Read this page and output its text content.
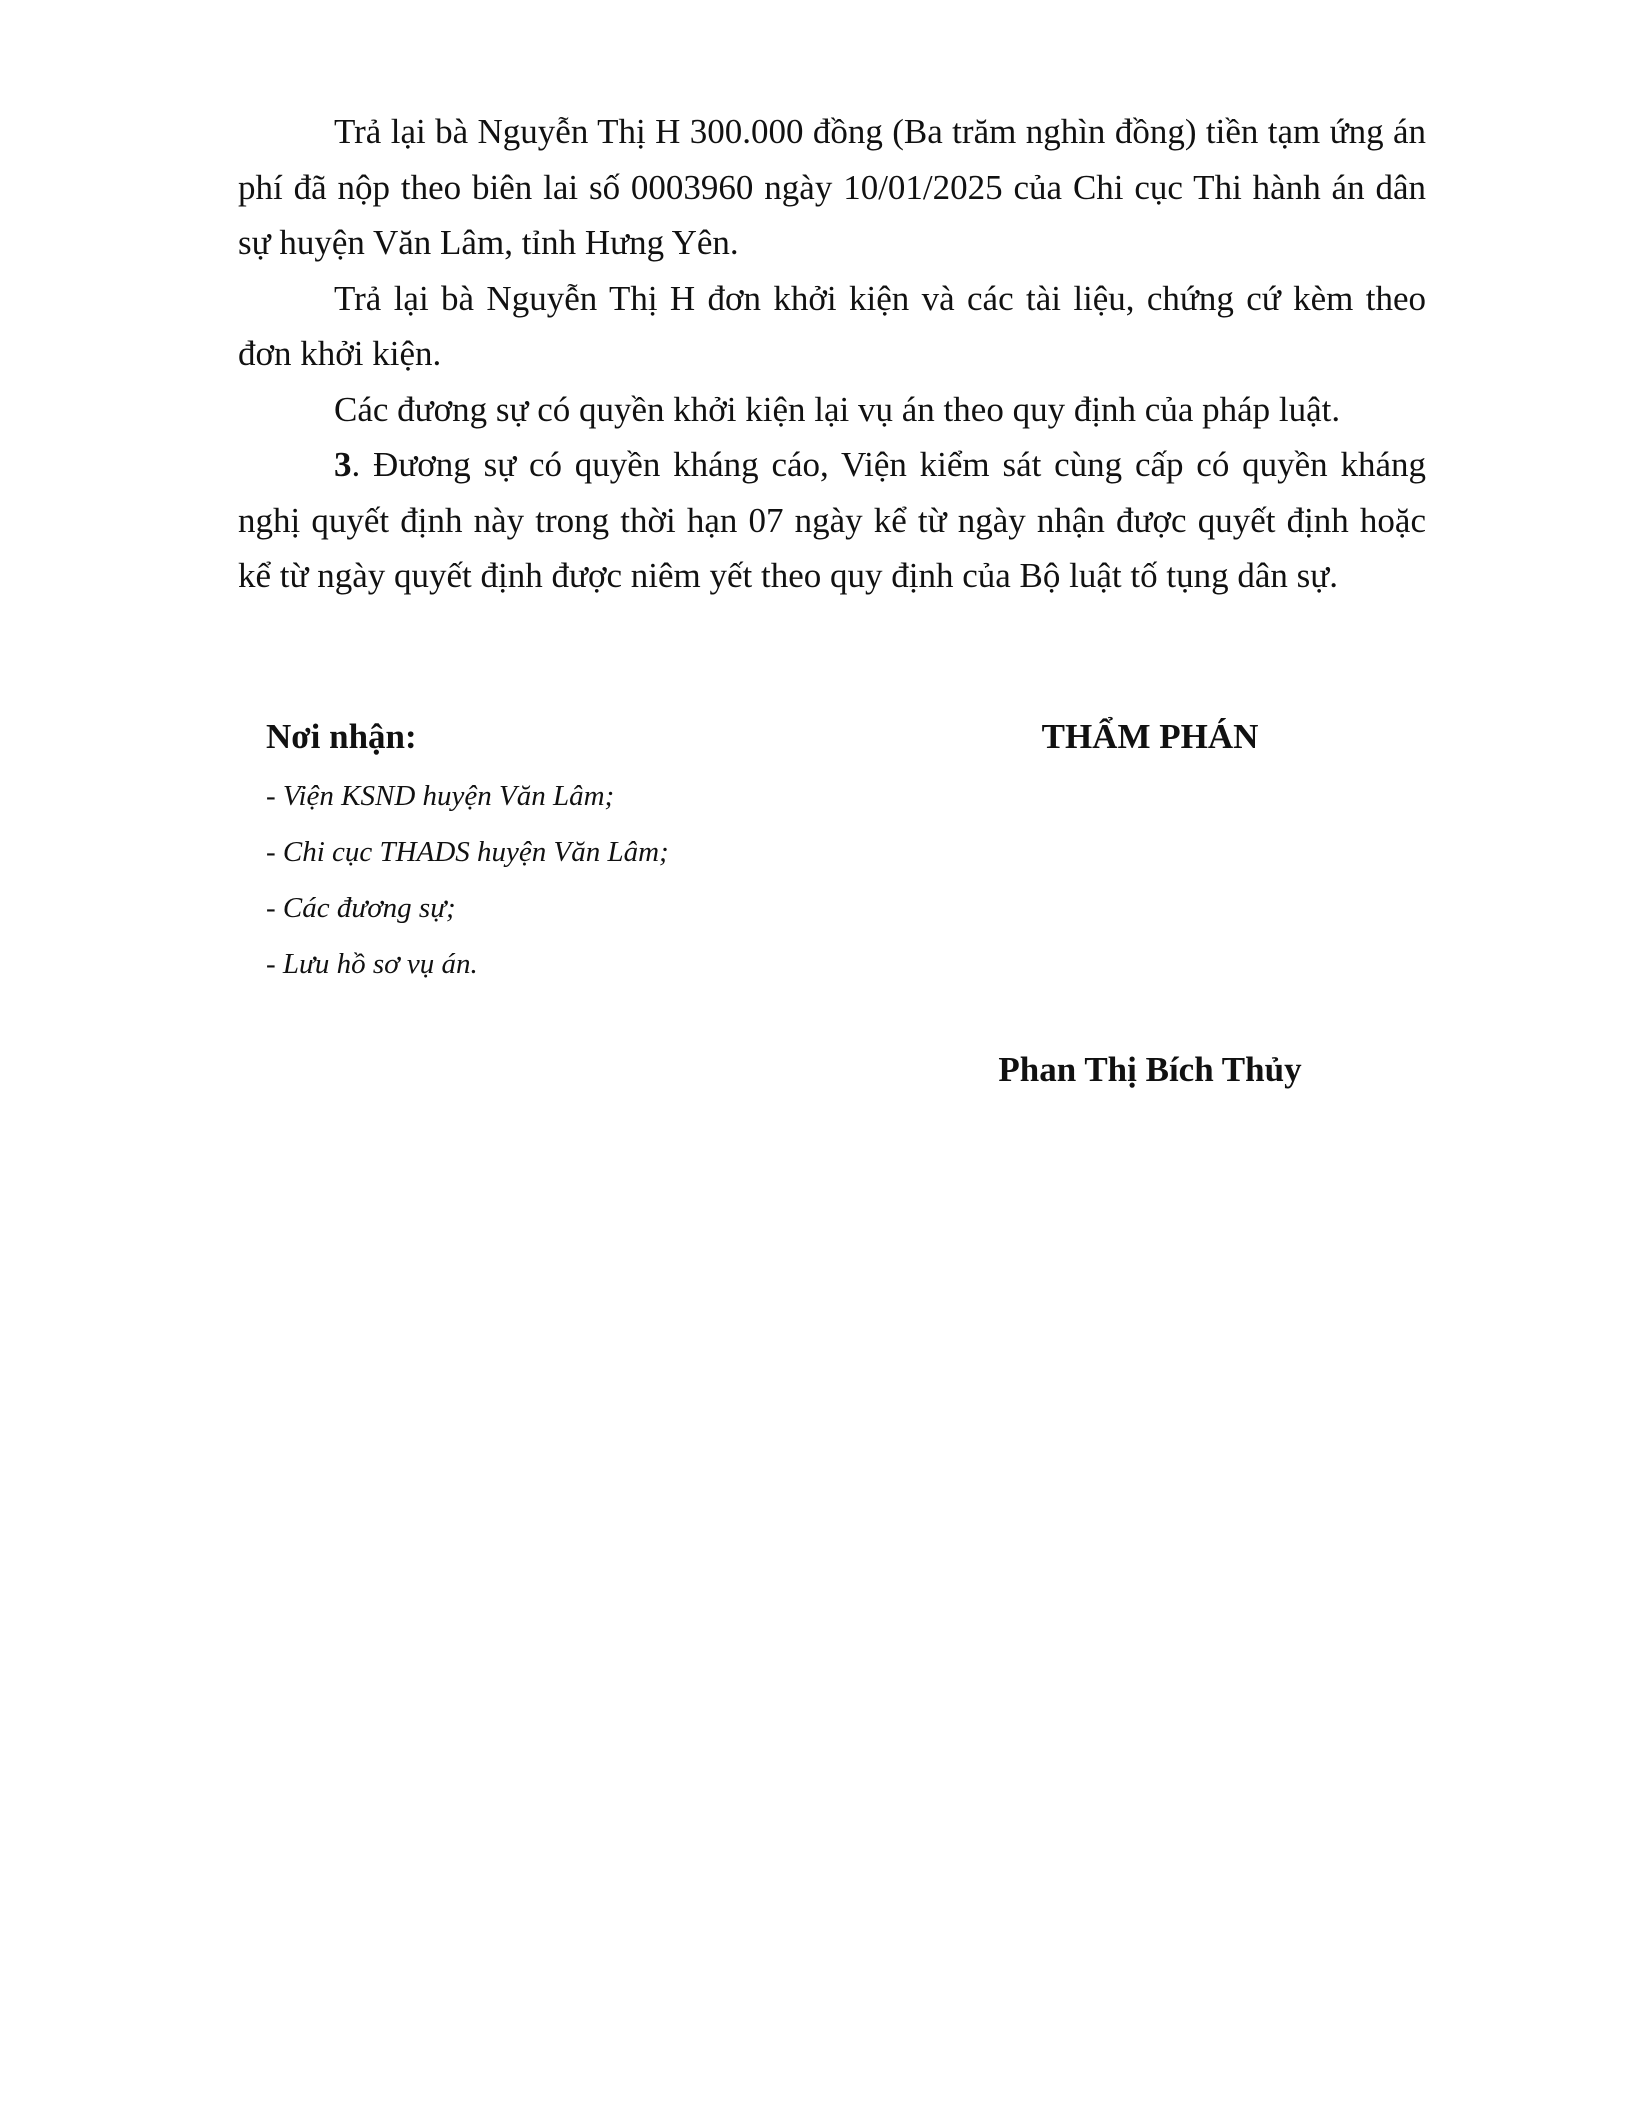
Trả lại bà Nguyễn Thị H 300.000 đồng (Ba trăm nghìn đồng) tiền tạm ứng án phí đã nộp theo biên lai số 0003960 ngày 10/01/2025 của Chi cục Thi hành án dân sự huyện Văn Lâm, tỉnh Hưng Yên.

Trả lại bà Nguyễn Thị H đơn khởi kiện và các tài liệu, chứng cứ kèm theo đơn khởi kiện.

Các đương sự có quyền khởi kiện lại vụ án theo quy định của pháp luật.

3. Đương sự có quyền kháng cáo, Viện kiểm sát cùng cấp có quyền kháng nghị quyết định này trong thời hạn 07 ngày kể từ ngày nhận được quyết định hoặc kể từ ngày quyết định được niêm yết theo quy định của Bộ luật tố tụng dân sự.

Nơi nhận:
- Viện KSND huyện Văn Lâm;
- Chi cục THADS huyện Văn Lâm;
- Các đương sự;
- Lưu hồ sơ vụ án.
THẨM PHÁN
Phan Thị Bích Thủy
